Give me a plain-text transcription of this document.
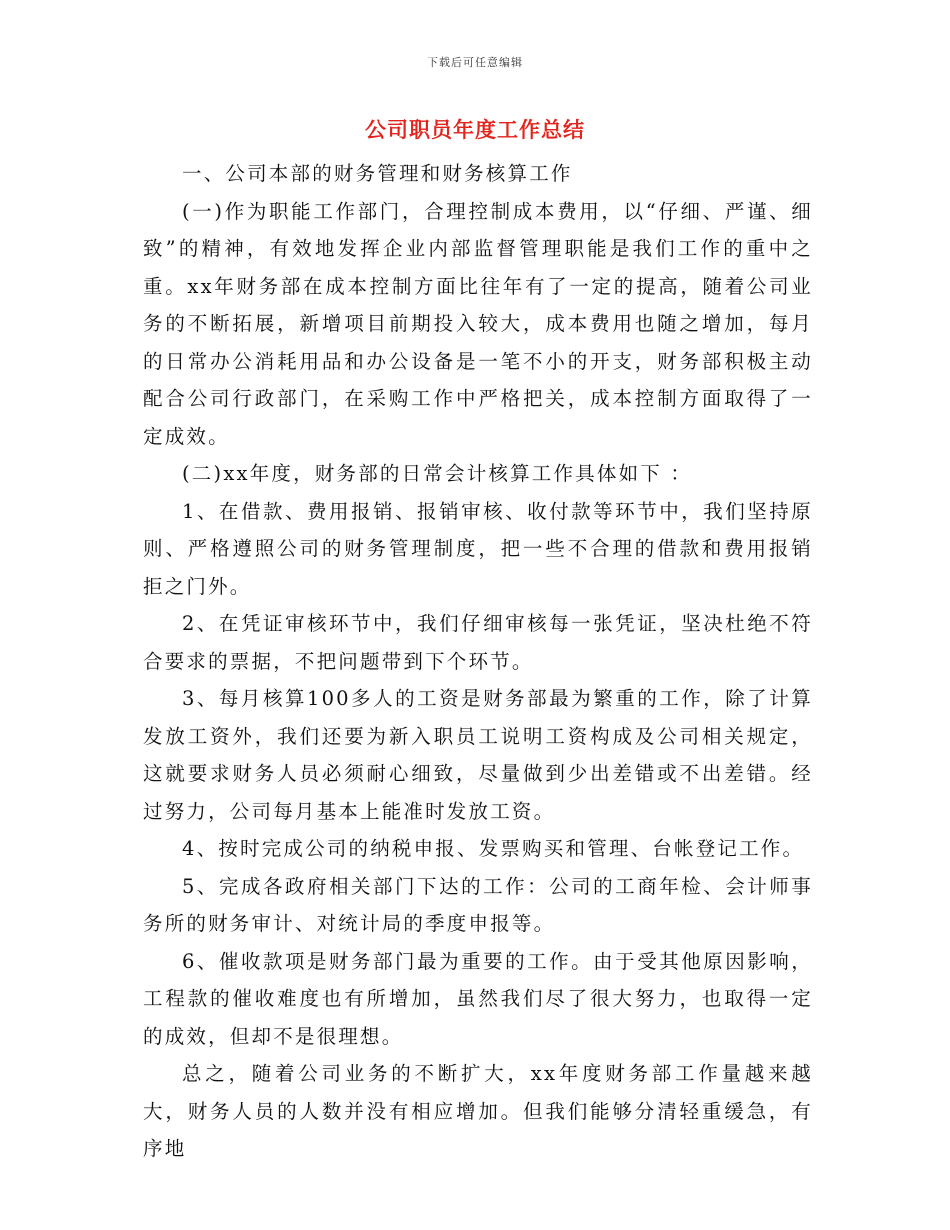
下载后可任意编辑
公司职员年度工作总结

一、公司本部的财务管理和财务核算工作

(一)作为职能工作部门，合理控制成本费用，以“仔细、严谨、细致”的精神，有效地发挥企业内部监督管理职能是我们工作的重中之重。xx年财务部在成本控制方面比往年有了一定的提高，随着公司业务的不断拓展，新增项目前期投入较大，成本费用也随之增加，每月的日常办公消耗用品和办公设备是一笔不小的开支，财务部积极主动配合公司行政部门，在采购工作中严格把关，成本控制方面取得了一定成效。

(二)xx年度，财务部的日常会计核算工作具体如下 ：

1、在借款、费用报销、报销审核、收付款等环节中，我们坚持原则、严格遵照公司的财务管理制度，把一些不合理的借款和费用报销拒之门外。

2、在凭证审核环节中，我们仔细审核每一张凭证，坚决杜绝不符合要求的票据，不把问题带到下个环节。

3、每月核算100多人的工资是财务部最为繁重的工作，除了计算发放工资外，我们还要为新入职员工说明工资构成及公司相关规定，这就要求财务人员必须耐心细致，尽量做到少出差错或不出差错。经过努力，公司每月基本上能准时发放工资。

4、按时完成公司的纳税申报、发票购买和管理、台帐登记工作。

5、完成各政府相关部门下达的工作：公司的工商年检、会计师事务所的财务审计、对统计局的季度申报等。

6、催收款项是财务部门最为重要的工作。由于受其他原因影响，工程款的催收难度也有所增加，虽然我们尽了很大努力，也取得一定的成效，但却不是很理想。

总之，随着公司业务的不断扩大，xx年度财务部工作量越来越大，财务人员的人数并没有相应增加。但我们能够分清轻重缓急，有序地
